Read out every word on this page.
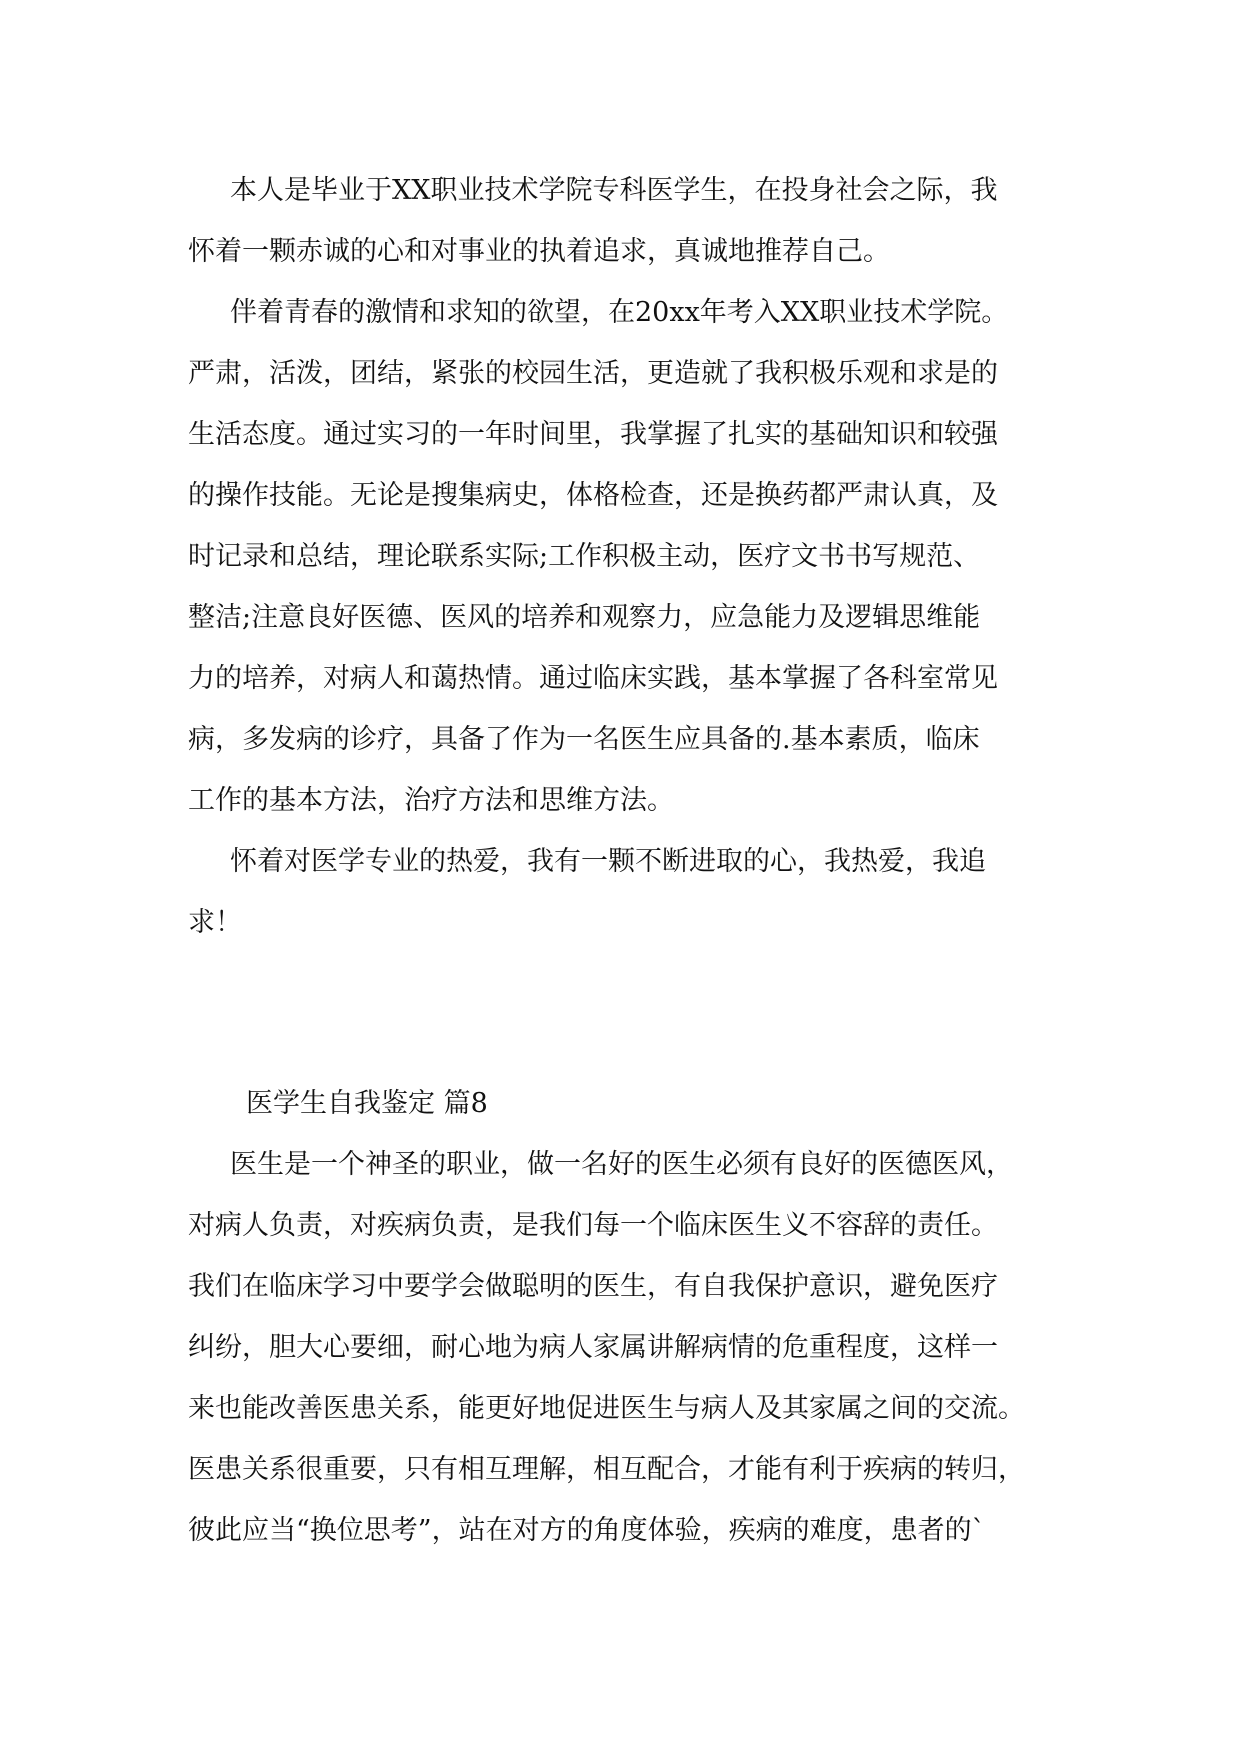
本人是毕业于XX职业技术学院专科医学生，在投身社会之际，我
怀着一颗赤诚的心和对事业的执着追求，真诚地推荐自己。
伴着青春的激情和求知的欲望，在20xx年考入XX职业技术学院。
严肃，活泼，团结，紧张的校园生活，更造就了我积极乐观和求是的
生活态度。通过实习的一年时间里，我掌握了扎实的基础知识和较强
的操作技能。无论是搜集病史，体格检查，还是换药都严肃认真，及
时记录和总结，理论联系实际;工作积极主动，医疗文书书写规范、
整洁;注意良好医德、医风的培养和观察力，应急能力及逻辑思维能
力的培养，对病人和蔼热情。通过临床实践，基本掌握了各科室常见
病，多发病的诊疗，具备了作为一名医生应具备的.基本素质，临床
工作的基本方法，治疗方法和思维方法。
怀着对医学专业的热爱，我有一颗不断进取的心，我热爱，我追
求！
医学生自我鉴定 篇8
医生是一个神圣的职业，做一名好的医生必须有良好的医德医风，
对病人负责，对疾病负责，是我们每一个临床医生义不容辞的责任。
我们在临床学习中要学会做聪明的医生，有自我保护意识，避免医疗
纠纷，胆大心要细，耐心地为病人家属讲解病情的危重程度，这样一
来也能改善医患关系，能更好地促进医生与病人及其家属之间的交流。
医患关系很重要，只有相互理解，相互配合，才能有利于疾病的转归，
彼此应当“换位思考”，站在对方的角度体验，疾病的难度，患者的`
